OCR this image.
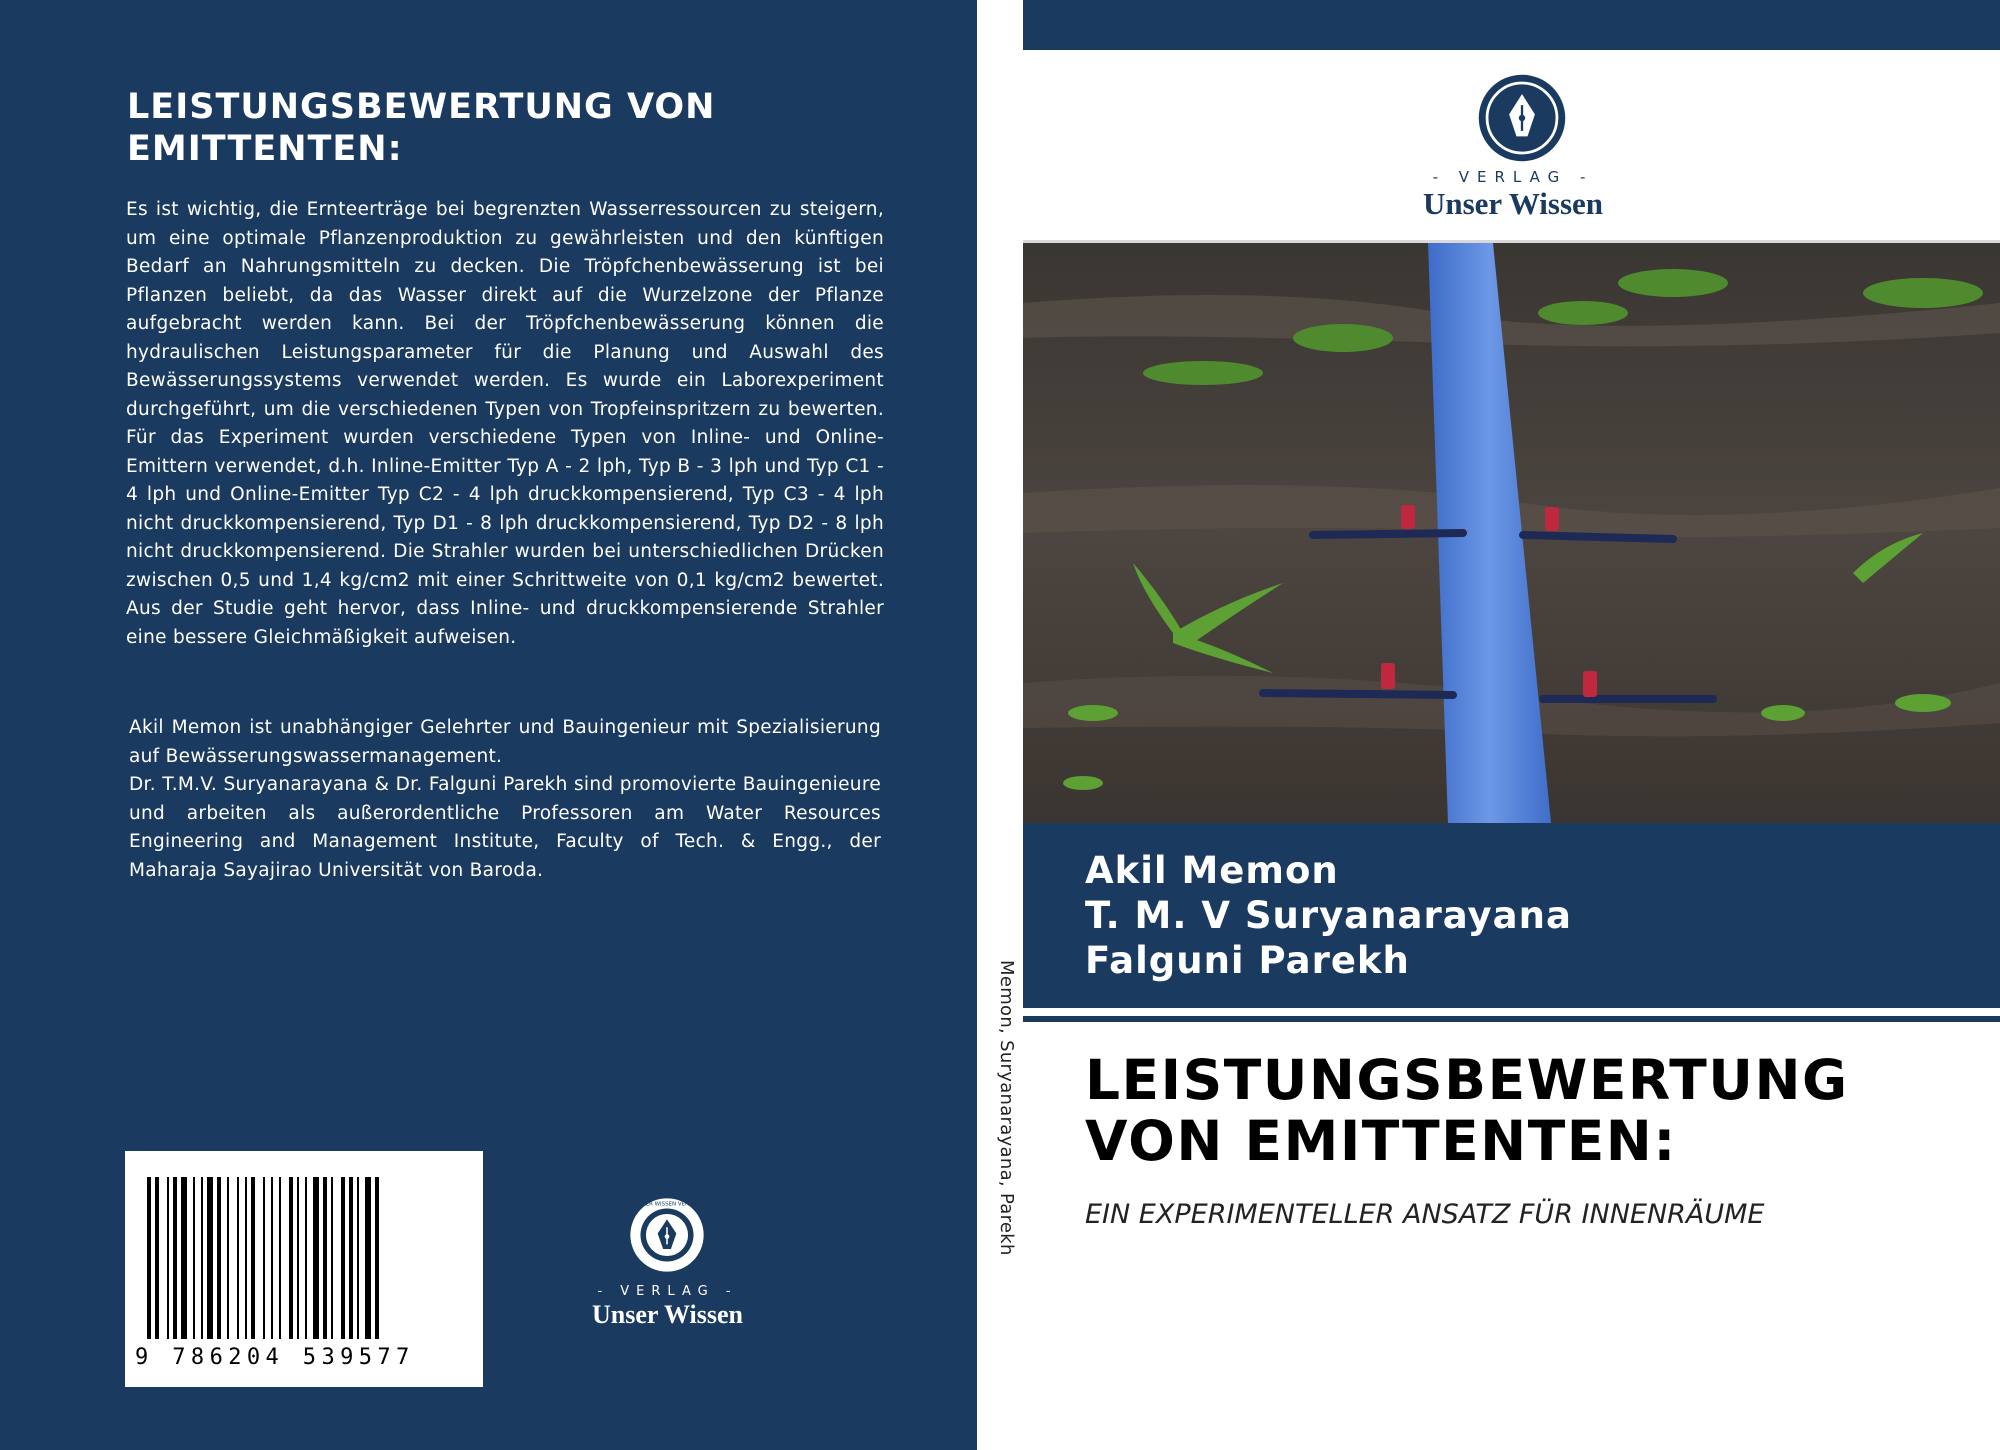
LEISTUNGSBEWERTUNG VON
EMITTENTEN:

Es ist wichtig, die Ernteerträge bei begrenzten Wasserressourcen zu steigern, um eine optimale Pflanzenproduktion zu gewährleisten und den künftigen Bedarf an Nahrungsmitteln zu decken. Die Tröpfchenbewässerung ist bei Pflanzen beliebt, da das Wasser direkt auf die Wurzelzone der Pflanze aufgebracht werden kann. Bei der Tröpfchenbewässerung können die hydraulischen Leistungsparameter für die Planung und Auswahl des Bewässerungssystems verwendet werden. Es wurde ein Laborexperiment durchgeführt, um die verschiedenen Typen von Tropfeinspritzern zu bewerten. Für das Experiment wurden verschiedene Typen von Inline- und Online-Emittern verwendet, d.h. Inline-Emitter Typ A - 2 lph, Typ B - 3 lph und Typ C1 - 4 lph und Online-Emitter Typ C2 - 4 lph druckkompensierend, Typ C3 - 4 lph nicht druckkompensierend, Typ D1 - 8 lph druckkompensierend, Typ D2 - 8 lph nicht druckkompensierend. Die Strahler wurden bei unterschiedlichen Drücken zwischen 0,5 und 1,4 kg/cm2 mit einer Schrittweite von 0,1 kg/cm2 bewertet. Aus der Studie geht hervor, dass Inline- und druckkompensierende Strahler eine bessere Gleichmäßigkeit aufweisen.

Akil Memon ist unabhängiger Gelehrter und Bauingenieur mit Spezialisierung auf Bewässerungswassermanagement.

Dr. T.M.V. Suryanarayana & Dr. Falguni Parekh sind promovierte Bauingenieure und arbeiten als außerordentliche Professoren am Water Resources Engineering and Management Institute, Faculty of Tech. & Engg., der Maharaja Sayajirao Universität von Baroda.

9 786204 539577
UNSER WISSEN VERLAG
- VERLAG -
Unser Wissen
Memon, Suryanarayana, Parekh
- VERLAG -
Unser Wissen
Akil Memon
T. M. V Suryanarayana
Falguni Parekh
LEISTUNGSBEWERTUNG
VON EMITTENTEN:
EIN EXPERIMENTELLER ANSATZ FÜR INNENRÄUME
